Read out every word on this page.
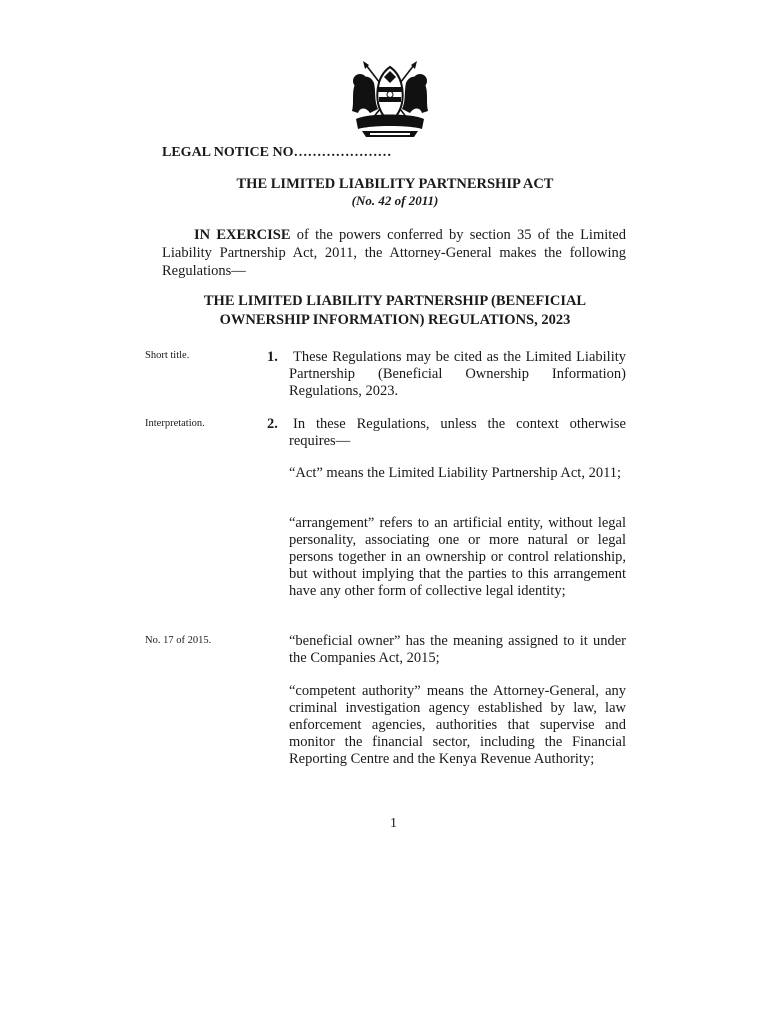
LEGAL NOTICE NO…………………
THE LIMITED LIABILITY PARTNERSHIP ACT
(No. 42 of 2011)
IN EXERCISE of the powers conferred by section 35 of the Limited Liability Partnership Act, 2011, the Attorney-General makes the following Regulations—
THE LIMITED LIABILITY PARTNERSHIP (BENEFICIAL
OWNERSHIP INFORMATION) REGULATIONS, 2023
Short title.	1. These Regulations may be cited as the Limited Liability Partnership (Beneficial Ownership Information) Regulations, 2023.
Interpretation.	2. In these Regulations, unless the context otherwise requires—
“Act” means the Limited Liability Partnership Act, 2011;
“arrangement” refers to an artificial entity, without legal personality, associating one or more natural or legal persons together in an ownership or control relationship, but without implying that the parties to this arrangement have any other form of collective legal identity;
No. 17 of 2015.	“beneficial owner” has the meaning assigned to it under the Companies Act, 2015;
“competent authority” means the Attorney-General, any criminal investigation agency established by law, law enforcement agencies, authorities that supervise and monitor the financial sector, including the Financial Reporting Centre and the Kenya Revenue Authority;
1
